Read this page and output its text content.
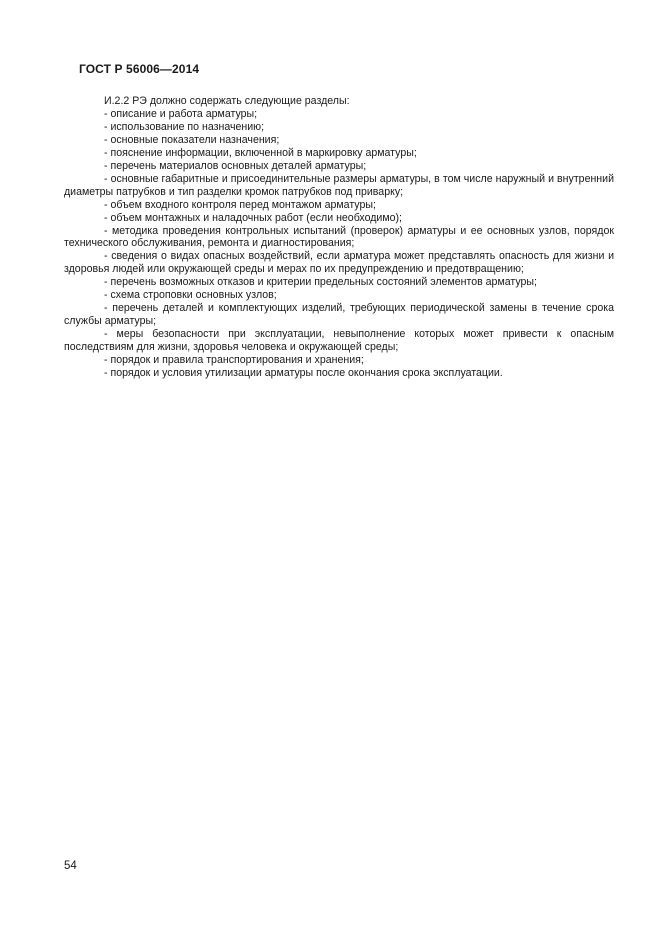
ГОСТ Р 56006—2014

И.2.2 РЭ должно содержать следующие разделы:

- описание и работа арматуры;

- использование по назначению;

- основные показатели назначения;

- пояснение информации, включенной в маркировку арматуры;

- перечень материалов основных деталей арматуры;

- основные габаритные и присоединительные размеры арматуры, в том числе наружный и внутренний диаметры патрубков и тип разделки кромок патрубков под приварку;

- объем входного контроля перед монтажом арматуры;

- объем монтажных и наладочных работ (если необходимо);

- методика проведения контрольных испытаний (проверок) арматуры и ее основных узлов, порядок технического обслуживания, ремонта и диагностирования;

- сведения о видах опасных воздействий, если арматура может представлять опасность для жизни и здоровья людей или окружающей среды и мерах по их предупреждению и предотвращению;

- перечень возможных отказов и критерии предельных состояний элементов арматуры;

- схема строповки основных узлов;

- перечень деталей и комплектующих изделий, требующих периодической замены в течение срока службы арматуры;

- меры безопасности при эксплуатации, невыполнение которых может привести к опасным последствиям для жизни, здоровья человека и окружающей среды;

- порядок и правила транспортирования и хранения;

- порядок и условия утилизации арматуры после окончания срока эксплуатации.

54
